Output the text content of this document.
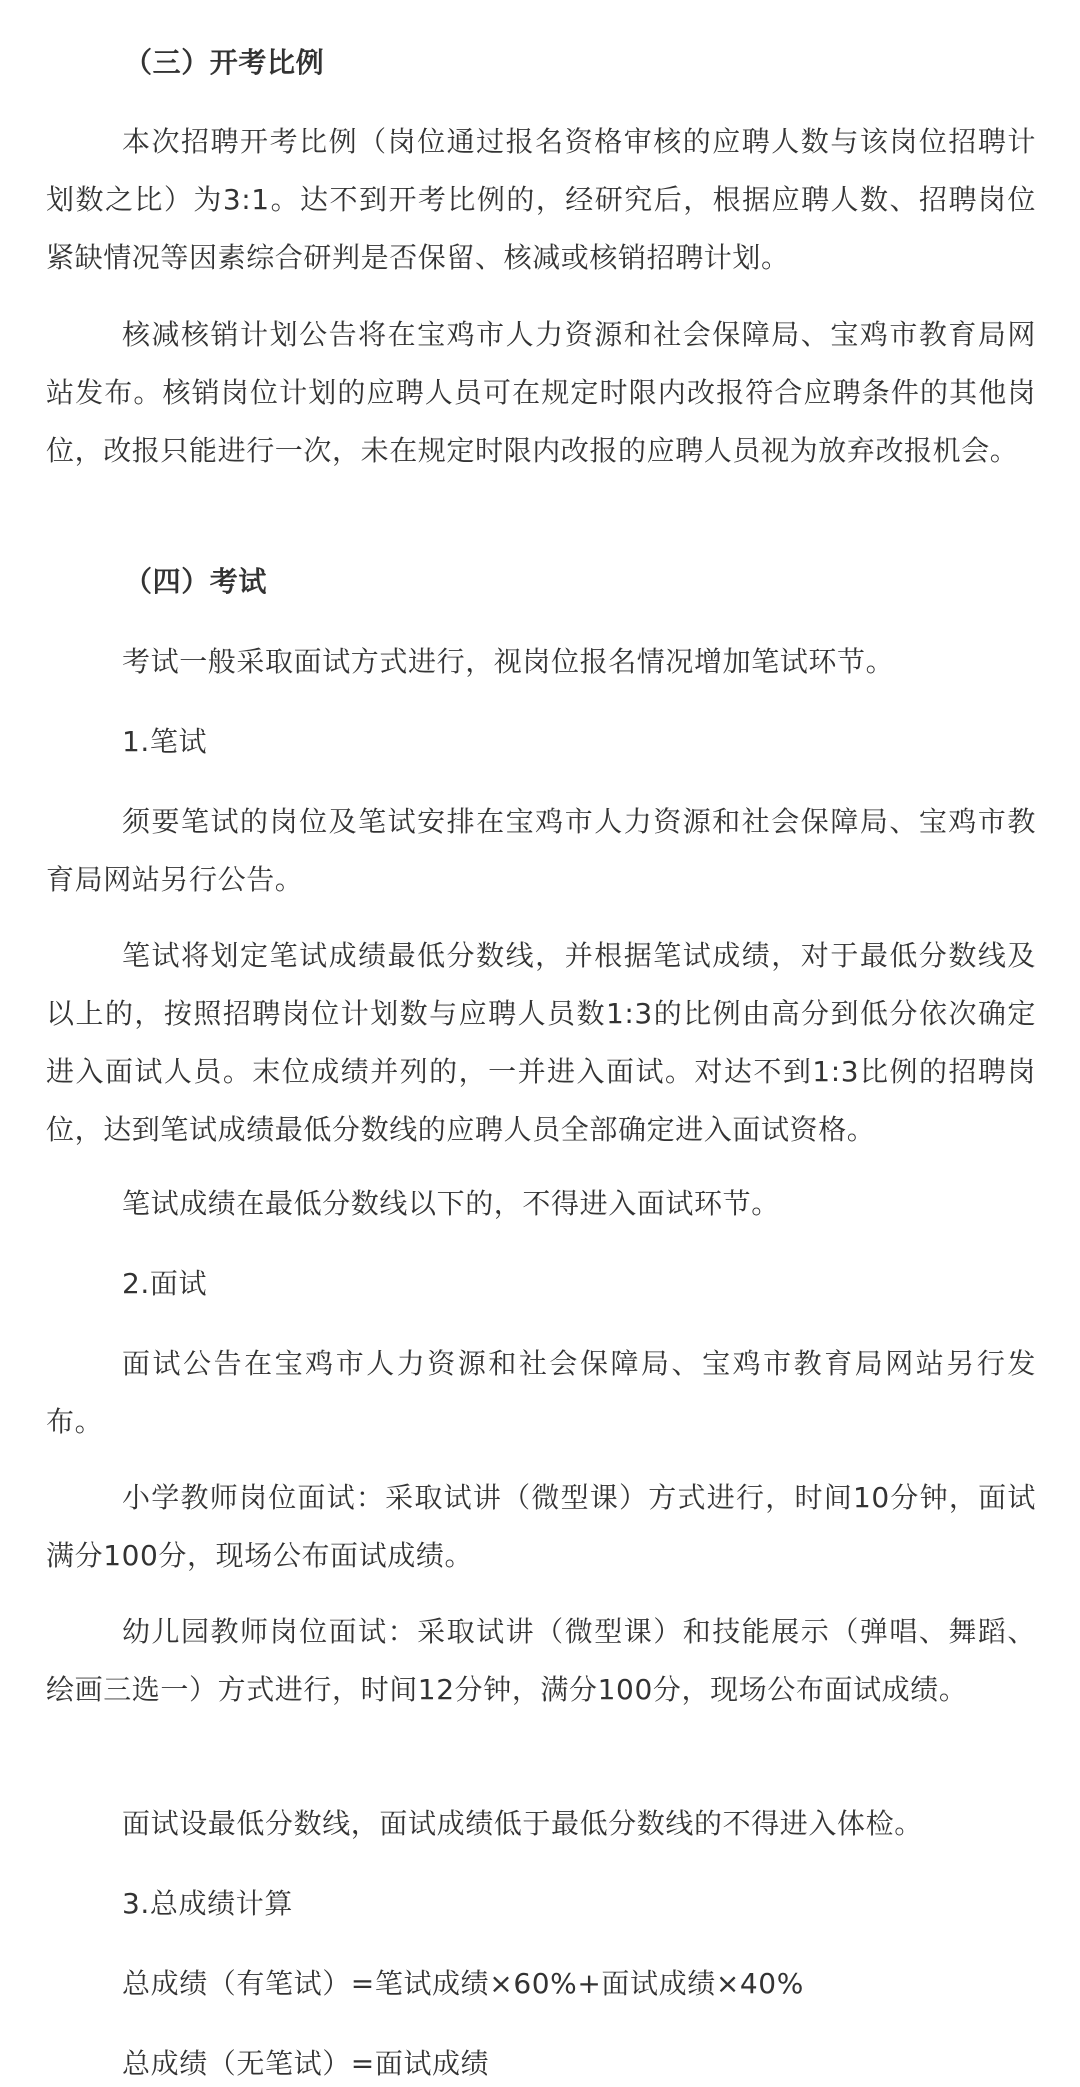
（三）开考比例

本次招聘开考比例（岗位通过报名资格审核的应聘人数与该岗位招聘计划数之比）为3:1。达不到开考比例的，经研究后，根据应聘人数、招聘岗位紧缺情况等因素综合研判是否保留、核减或核销招聘计划。

核减核销计划公告将在宝鸡市人力资源和社会保障局、宝鸡市教育局网站发布。核销岗位计划的应聘人员可在规定时限内改报符合应聘条件的其他岗位，改报只能进行一次，未在规定时限内改报的应聘人员视为放弃改报机会。

（四）考试

考试一般采取面试方式进行，视岗位报名情况增加笔试环节。

1.笔试

须要笔试的岗位及笔试安排在宝鸡市人力资源和社会保障局、宝鸡市教育局网站另行公告。

笔试将划定笔试成绩最低分数线，并根据笔试成绩，对于最低分数线及以上的，按照招聘岗位计划数与应聘人员数1:3的比例由高分到低分依次确定进入面试人员。末位成绩并列的，一并进入面试。对达不到1:3比例的招聘岗位，达到笔试成绩最低分数线的应聘人员全部确定进入面试资格。

笔试成绩在最低分数线以下的，不得进入面试环节。

2.面试

面试公告在宝鸡市人力资源和社会保障局、宝鸡市教育局网站另行发布。

小学教师岗位面试：采取试讲（微型课）方式进行，时间10分钟，面试满分100分，现场公布面试成绩。

幼儿园教师岗位面试：采取试讲（微型课）和技能展示（弹唱、舞蹈、绘画三选一）方式进行，时间12分钟，满分100分，现场公布面试成绩。

面试设最低分数线，面试成绩低于最低分数线的不得进入体检。

3.总成绩计算

总成绩（有笔试）=笔试成绩×60%+面试成绩×40%

总成绩（无笔试）=面试成绩
